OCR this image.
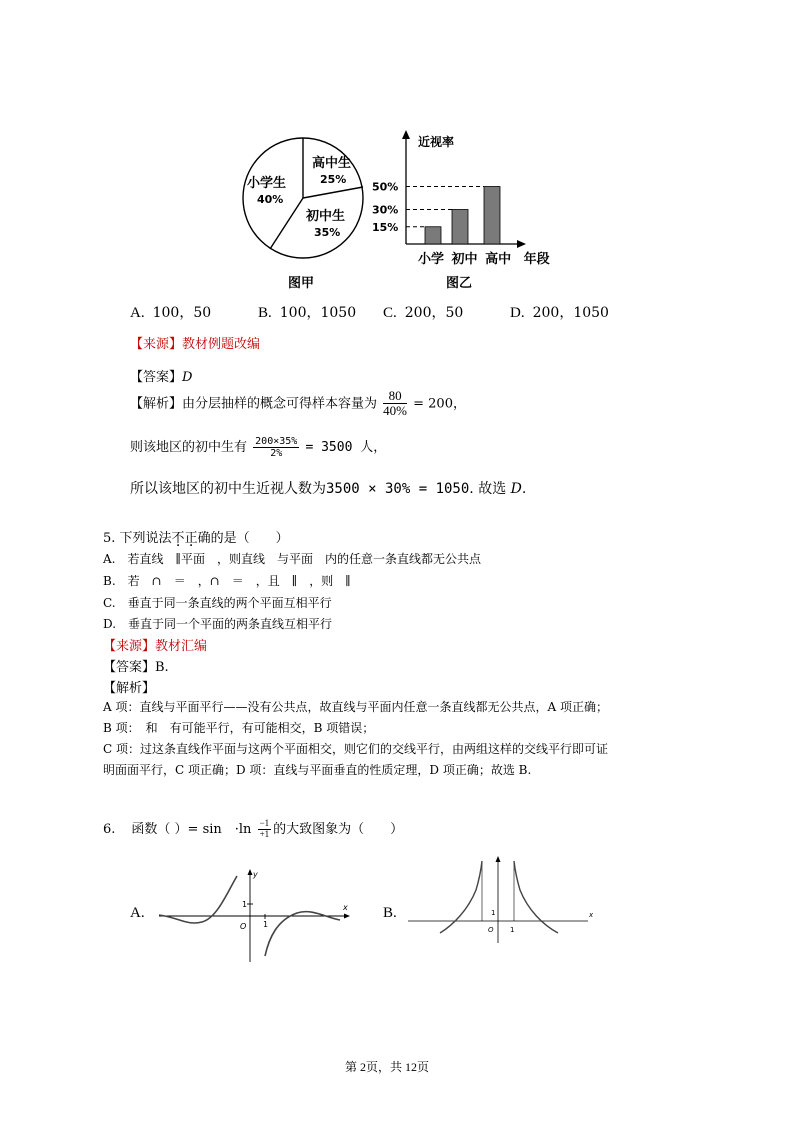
小学生
40%
高中生
25%
初中生
35%
图甲
近视率
50%
30%
15%
小学 初中 高中 年段
图乙
A. 100，50	B. 100，1050 C. 200，50	D. 200，1050
【来源】教材例题改编
【答案】D
【解析】由分层抽样的概念可得样本容量为 $\frac{80}{40\%} = 200$，
则该地区的初中生有 $\frac{200\times 35\%}{2\%} = 3500$ 人，
所以该地区的初中生近视人数为3500 × 30% = 1050. 故选 D.
5. 下列说法不正确的是（　　）
A.　若直线　∥平面　，则直线　与平面　内的任意一条直线都无公共点
B.　若　∩　＝　，∩　＝　，且　∥　，则　∥
C.　垂直于同一条直线的两个平面互相平行
D.　垂直于同一个平面的两条直线互相平行
【来源】教材汇编
【答案】B.
【解析】
A 项：直线与平面平行——没有公共点，故直线与平面内任意一条直线都无公共点，A 项正确；
B 项：　和　有可能平行，有可能相交，B 项错误；
C 项：过这条直线作平面与这两个平面相交，则它们的交线平行，由两组这样的交线平行即可证
明面面平行，C 项正确；D 项：直线与平面垂直的性质定理，D 项正确；故选 B.
6. 函数（ ）= sin　$\cdot\ln \frac{-1}{+1}$ 的大致图象为（　　）
A.
y
x
O
1
1
B.	x
O 1
1
第 2页，共 12页
